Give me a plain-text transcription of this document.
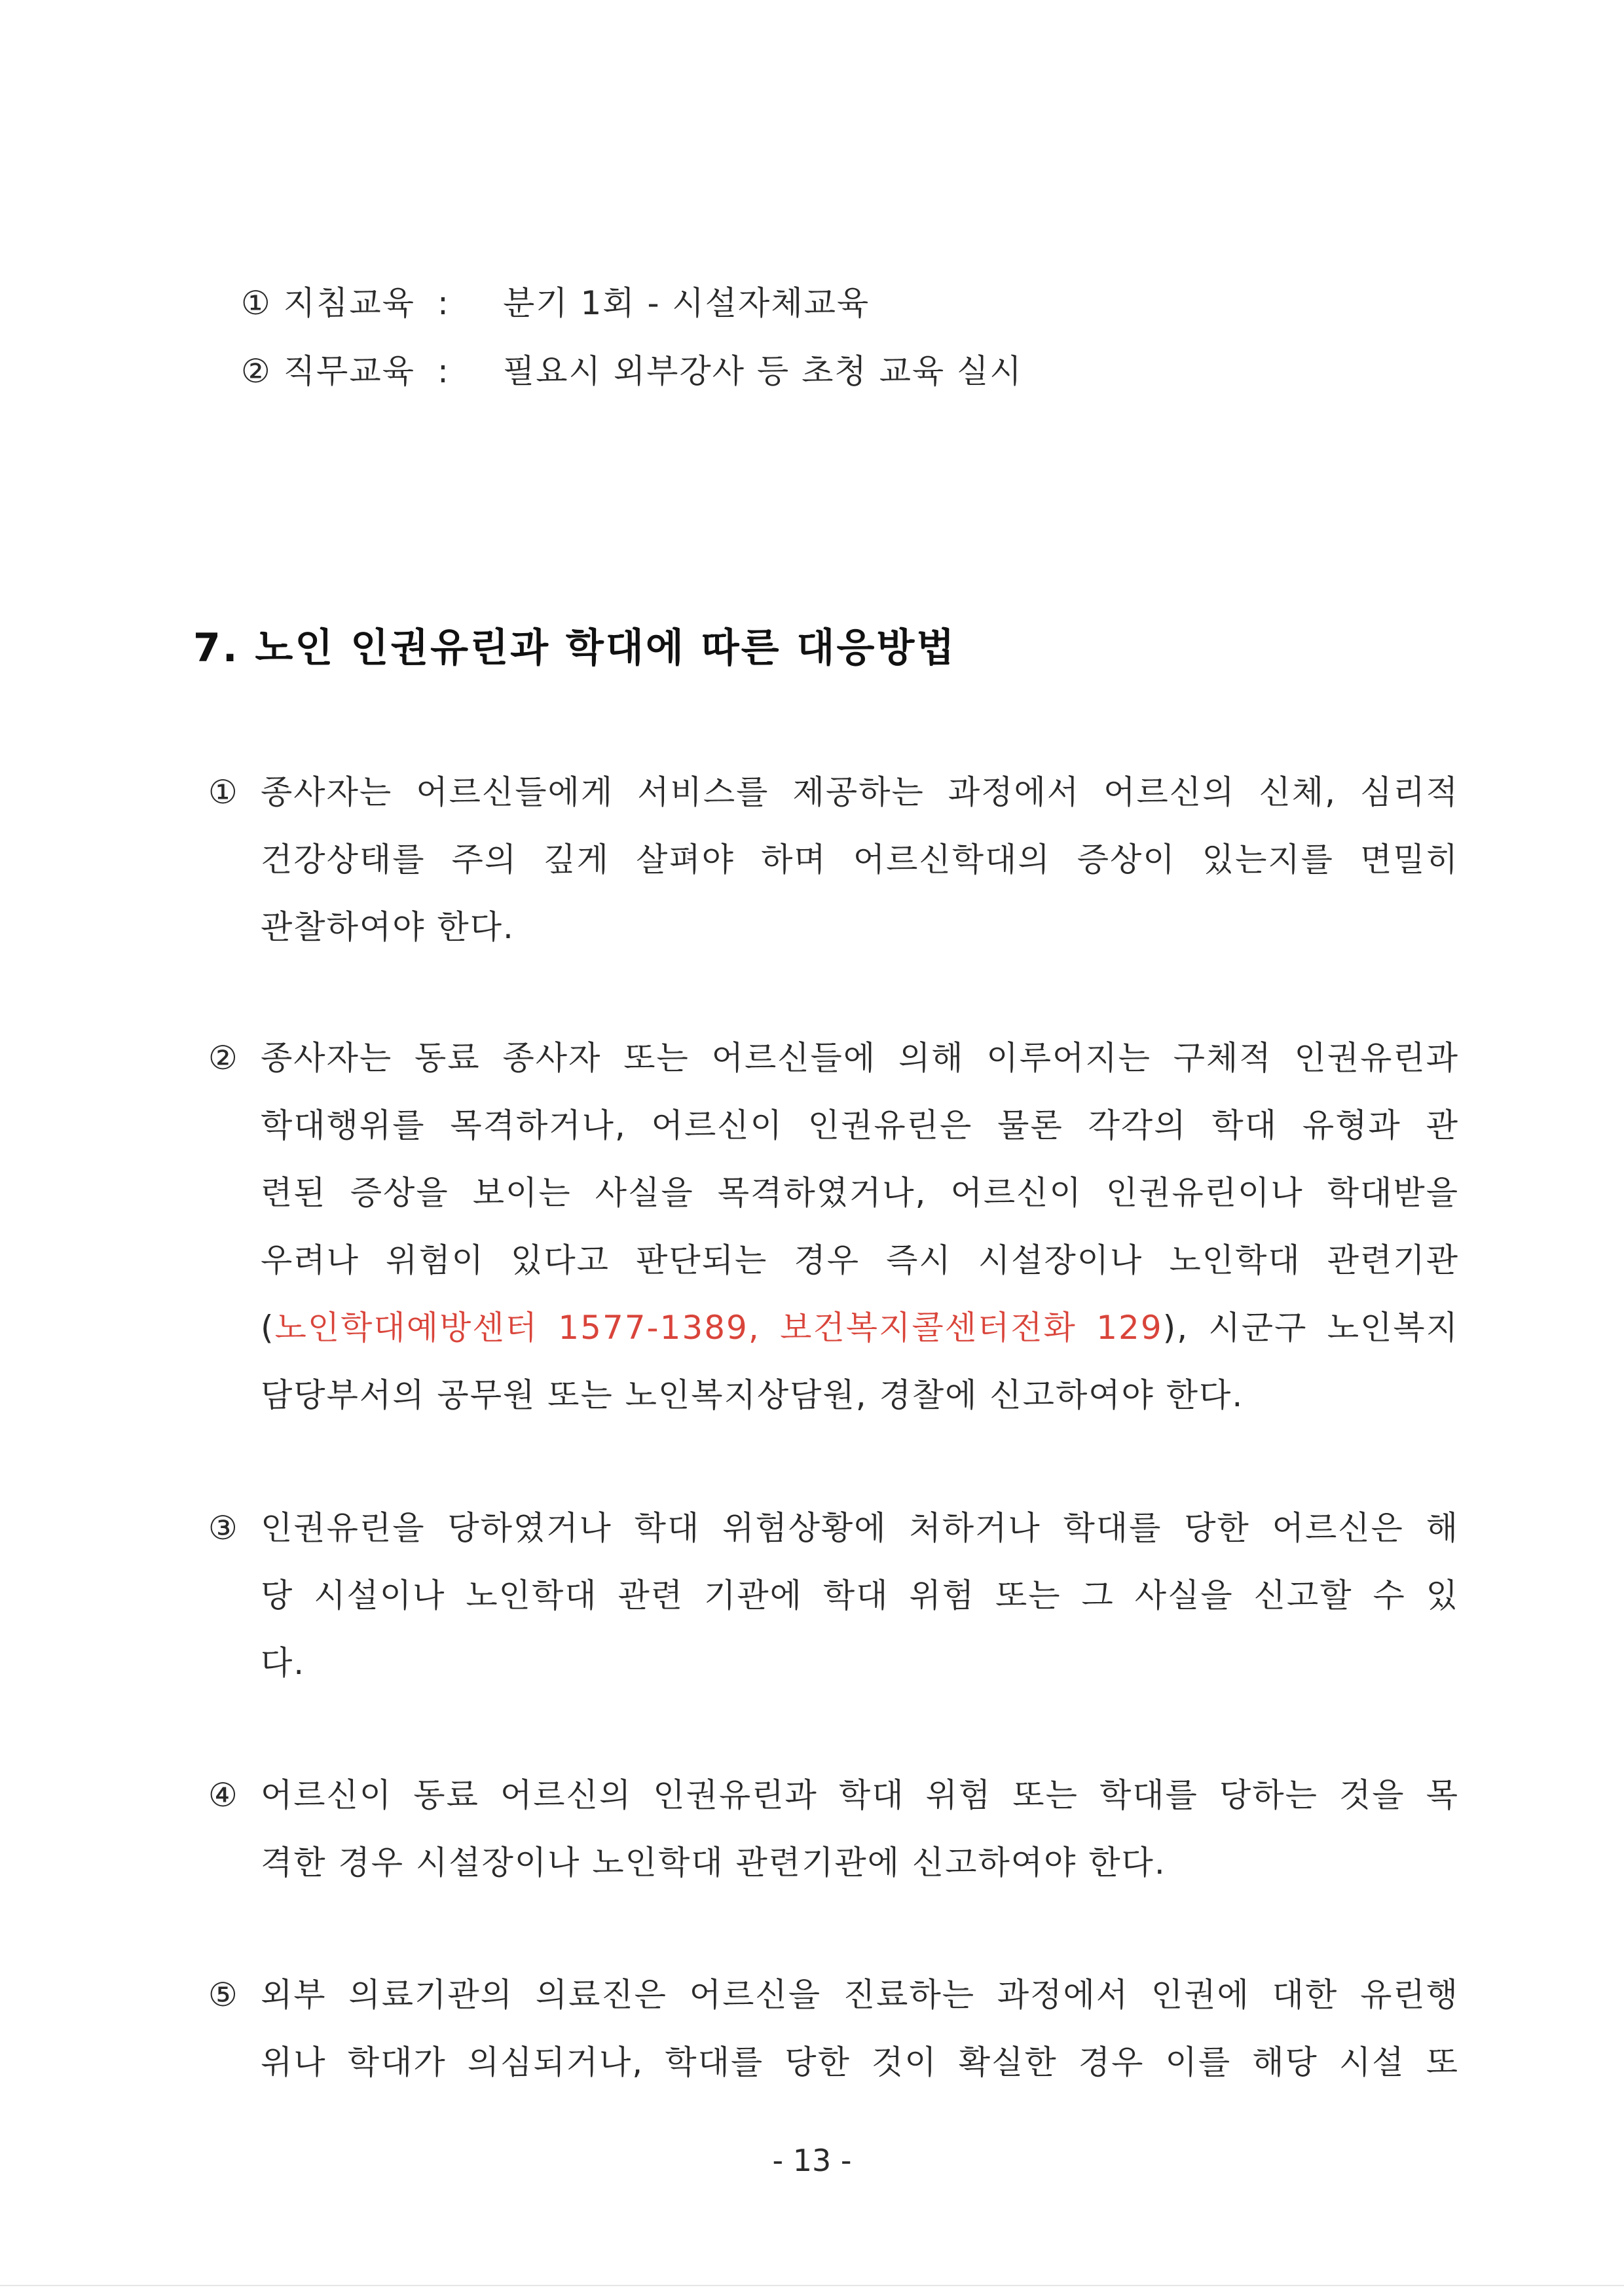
① 지침교육 : 분기 1회 - 시설자체교육
② 직무교육 : 필요시 외부강사 등 초청 교육 실시
7. 노인 인권유린과 학대에 따른 대응방법
① 종사자는 어르신들에게 서비스를 제공하는 과정에서 어르신의 신체, 심리적
건강상태를 주의 깊게 살펴야 하며 어르신학대의 증상이 있는지를 면밀히
관찰하여야 한다.
② 종사자는 동료 종사자 또는 어르신들에 의해 이루어지는 구체적 인권유린과
학대행위를 목격하거나, 어르신이 인권유린은 물론 각각의 학대 유형과 관
련된 증상을 보이는 사실을 목격하였거나, 어르신이 인권유린이나 학대받을
우려나 위험이 있다고 판단되는 경우 즉시 시설장이나 노인학대 관련기관
(노인학대예방센터 1577-1389, 보건복지콜센터전화 129), 시군구 노인복지
담당부서의 공무원 또는 노인복지상담원, 경찰에 신고하여야 한다.
③ 인권유린을 당하였거나 학대 위험상황에 처하거나 학대를 당한 어르신은 해
당 시설이나 노인학대 관련 기관에 학대 위험 또는 그 사실을 신고할 수 있
다.
④ 어르신이 동료 어르신의 인권유린과 학대 위험 또는 학대를 당하는 것을 목
격한 경우 시설장이나 노인학대 관련기관에 신고하여야 한다.
⑤ 외부 의료기관의 의료진은 어르신을 진료하는 과정에서 인권에 대한 유린행
위나 학대가 의심되거나, 학대를 당한 것이 확실한 경우 이를 해당 시설 또
- 13 -
